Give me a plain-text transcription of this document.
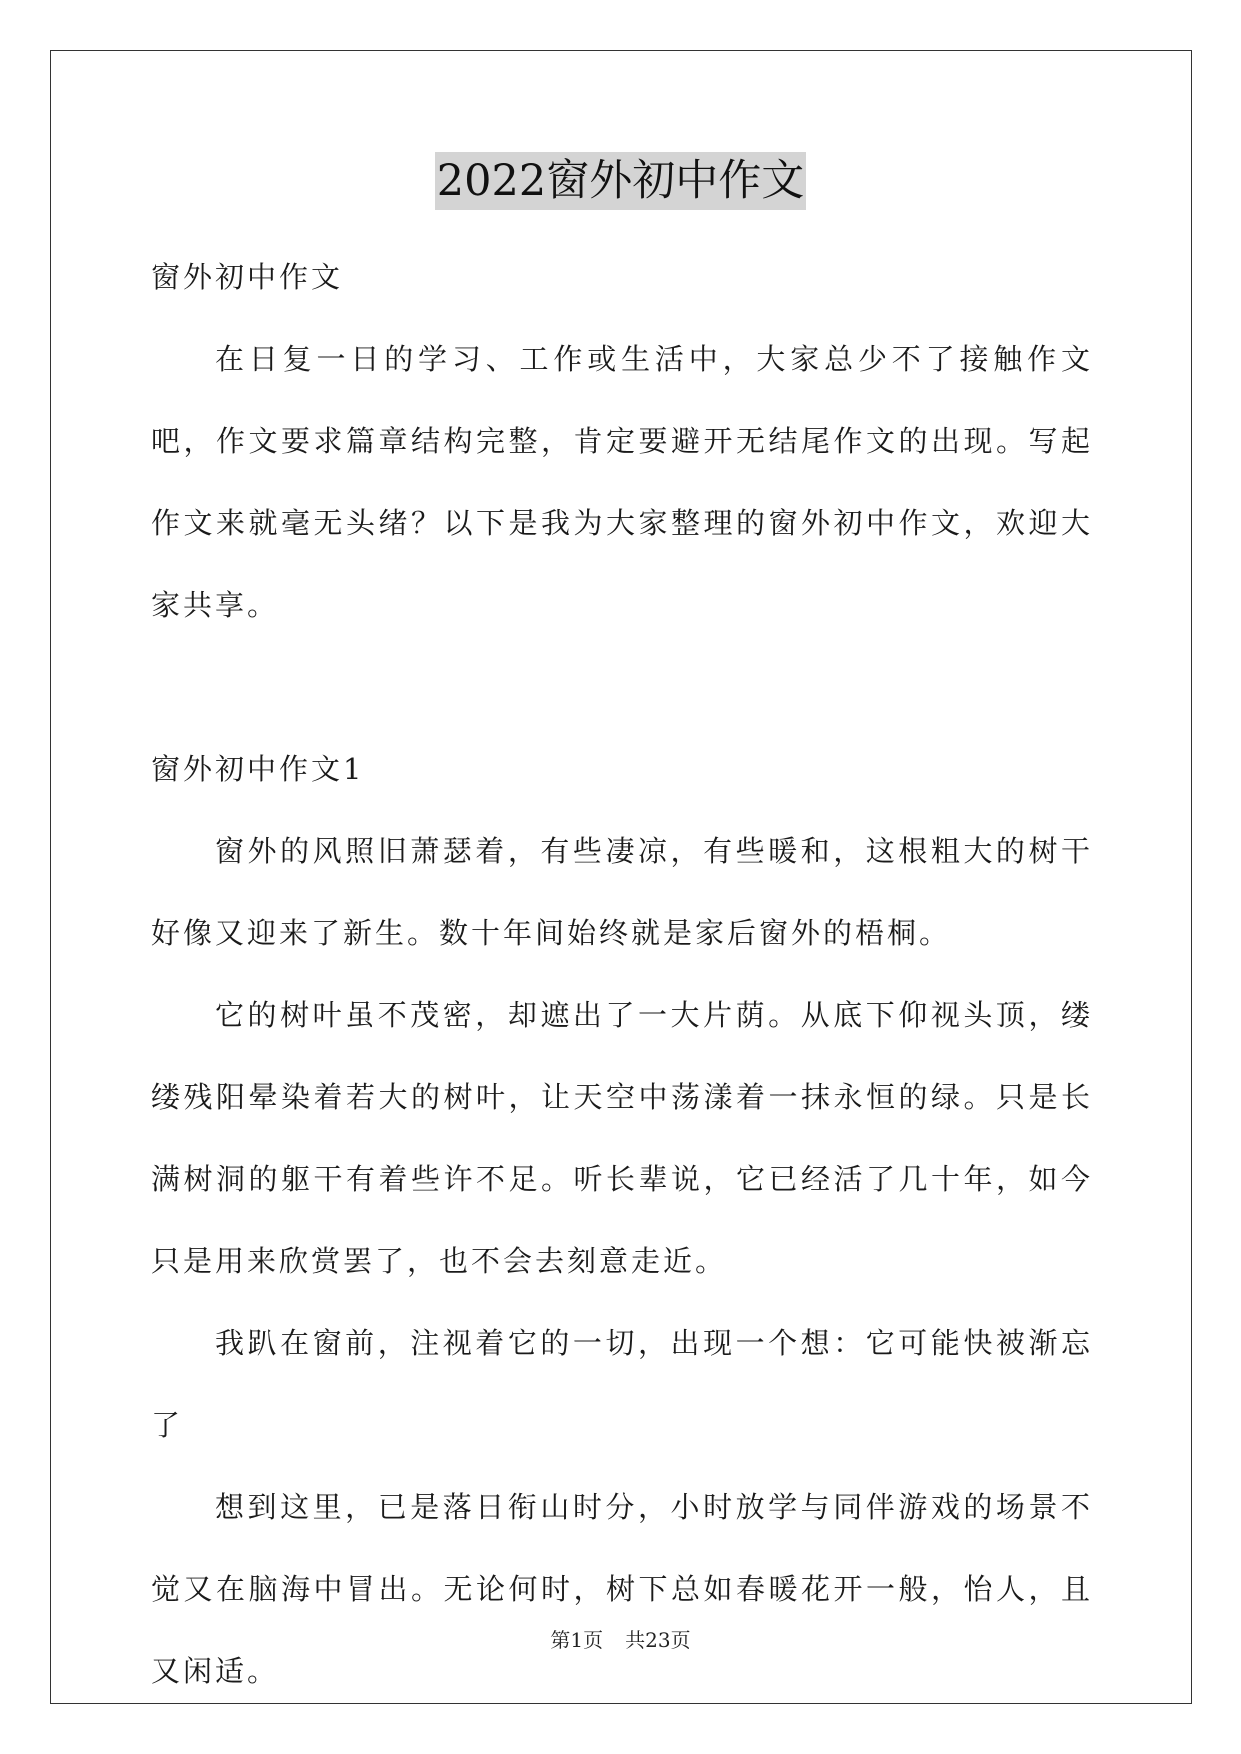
2022窗外初中作文

窗外初中作文

在日复一日的学习、工作或生活中，大家总少不了接触作文吧，作文要求篇章结构完整，肯定要避开无结尾作文的出现。写起作文来就毫无头绪？以下是我为大家整理的窗外初中作文，欢迎大家共享。

窗外初中作文1

窗外的风照旧萧瑟着，有些凄凉，有些暖和，这根粗大的树干好像又迎来了新生。数十年间始终就是家后窗外的梧桐。

它的树叶虽不茂密，却遮出了一大片荫。从底下仰视头顶，缕缕残阳晕染着若大的树叶，让天空中荡漾着一抹永恒的绿。只是长满树洞的躯干有着些许不足。听长辈说，它已经活了几十年，如今只是用来欣赏罢了，也不会去刻意走近。

我趴在窗前，注视着它的一切，出现一个想：它可能快被渐忘了

想到这里，已是落日衔山时分，小时放学与同伴游戏的场景不觉又在脑海中冒出。无论何时，树下总如春暖花开一般，怡人，且又闲适。

第1页 共23页
